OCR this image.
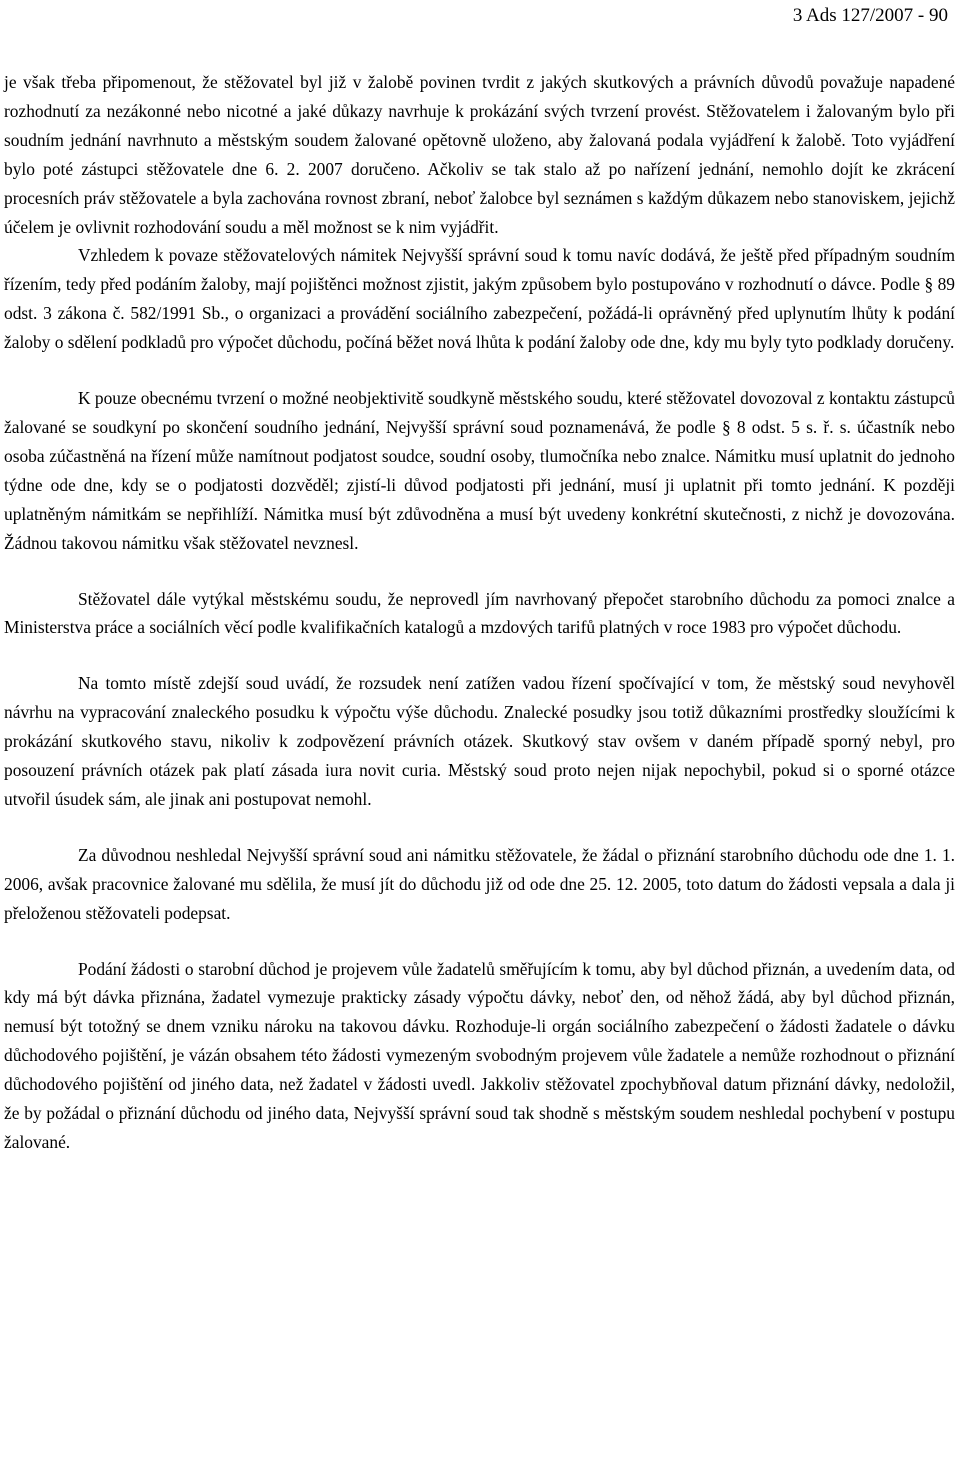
3 Ads 127/2007 - 90

je však třeba připomenout, že stěžovatel byl již v žalobě povinen tvrdit z jakých skutkových a právních důvodů považuje napadené rozhodnutí za nezákonné nebo nicotné a jaké důkazy navrhuje k prokázání svých tvrzení provést. Stěžovatelem i žalovaným bylo při soudním jednání navrhnuto a městským soudem žalované opětovně uloženo, aby žalovaná podala vyjádření k žalobě. Toto vyjádření bylo poté zástupci stěžovatele dne 6. 2. 2007 doručeno. Ačkoliv se tak stalo až po nařízení jednání, nemohlo dojít ke zkrácení procesních práv stěžovatele a byla zachována rovnost zbraní, neboť žalobce byl seznámen s každým důkazem nebo stanoviskem, jejichž účelem je ovlivnit rozhodování soudu a měl možnost se k nim vyjádřit.

Vzhledem k povaze stěžovatelových námitek Nejvyšší správní soud k tomu navíc dodává, že ještě před případným soudním řízením, tedy před podáním žaloby, mají pojištěnci možnost zjistit, jakým způsobem bylo postupováno v rozhodnutí o dávce. Podle § 89 odst. 3 zákona č. 582/1991 Sb., o organizaci a provádění sociálního zabezpečení, požádá-li oprávněný před uplynutím lhůty k podání žaloby o sdělení podkladů pro výpočet důchodu, počíná běžet nová lhůta k podání žaloby ode dne, kdy mu byly tyto podklady doručeny.

K pouze obecnému tvrzení o možné neobjektivitě soudkyně městského soudu, které stěžovatel dovozoval z kontaktu zástupců žalované se soudkyní po skončení soudního jednání, Nejvyšší správní soud poznamenává, že podle § 8 odst. 5 s. ř. s. účastník nebo osoba zúčastněná na řízení může namítnout podjatost soudce, soudní osoby, tlumočníka nebo znalce. Námitku musí uplatnit do jednoho týdne ode dne, kdy se o podjatosti dozvěděl; zjistí-li důvod podjatosti při jednání, musí ji uplatnit při tomto jednání. K později uplatněným námitkám se nepřihlíží. Námitka musí být zdůvodněna a musí být uvedeny konkrétní skutečnosti, z nichž je dovozována. Žádnou takovou námitku však stěžovatel nevznesl.

Stěžovatel dále vytýkal městskému soudu, že neprovedl jím navrhovaný přepočet starobního důchodu za pomoci znalce a Ministerstva práce a sociálních věcí podle kvalifikačních katalogů a mzdových tarifů platných v roce 1983 pro výpočet důchodu.

Na tomto místě zdejší soud uvádí, že rozsudek není zatížen vadou řízení spočívající v tom, že městský soud nevyhověl návrhu na vypracování znaleckého posudku k výpočtu výše důchodu. Znalecké posudky jsou totiž důkazními prostředky sloužícími k prokázání skutkového stavu, nikoliv k zodpovězení právních otázek. Skutkový stav ovšem v daném případě sporný nebyl, pro posouzení právních otázek pak platí zásada iura novit curia. Městský soud proto nejen nijak nepochybil, pokud si o sporné otázce utvořil úsudek sám, ale jinak ani postupovat nemohl.

Za důvodnou neshledal Nejvyšší správní soud ani námitku stěžovatele, že žádal o přiznání starobního důchodu ode dne 1. 1. 2006, avšak pracovnice žalované mu sdělila, že musí jít do důchodu již od ode dne 25. 12. 2005, toto datum do žádosti vepsala a dala ji přeloženou stěžovateli podepsat.

Podání žádosti o starobní důchod je projevem vůle žadatelů směřujícím k tomu, aby byl důchod přiznán, a uvedením data, od kdy má být dávka přiznána, žadatel vymezuje prakticky zásady výpočtu dávky, neboť den, od něhož žádá, aby byl důchod přiznán, nemusí být totožný se dnem vzniku nároku na takovou dávku. Rozhoduje-li orgán sociálního zabezpečení o žádosti žadatele o dávku důchodového pojištění, je vázán obsahem této žádosti vymezeným svobodným projevem vůle žadatele a nemůže rozhodnout o přiznání důchodového pojištění od jiného data, než žadatel v žádosti uvedl. Jakkoliv stěžovatel zpochybňoval datum přiznání dávky, nedoložil, že by požádal o přiznání důchodu od jiného data, Nejvyšší správní soud tak shodně s městským soudem neshledal pochybení v postupu žalované.
